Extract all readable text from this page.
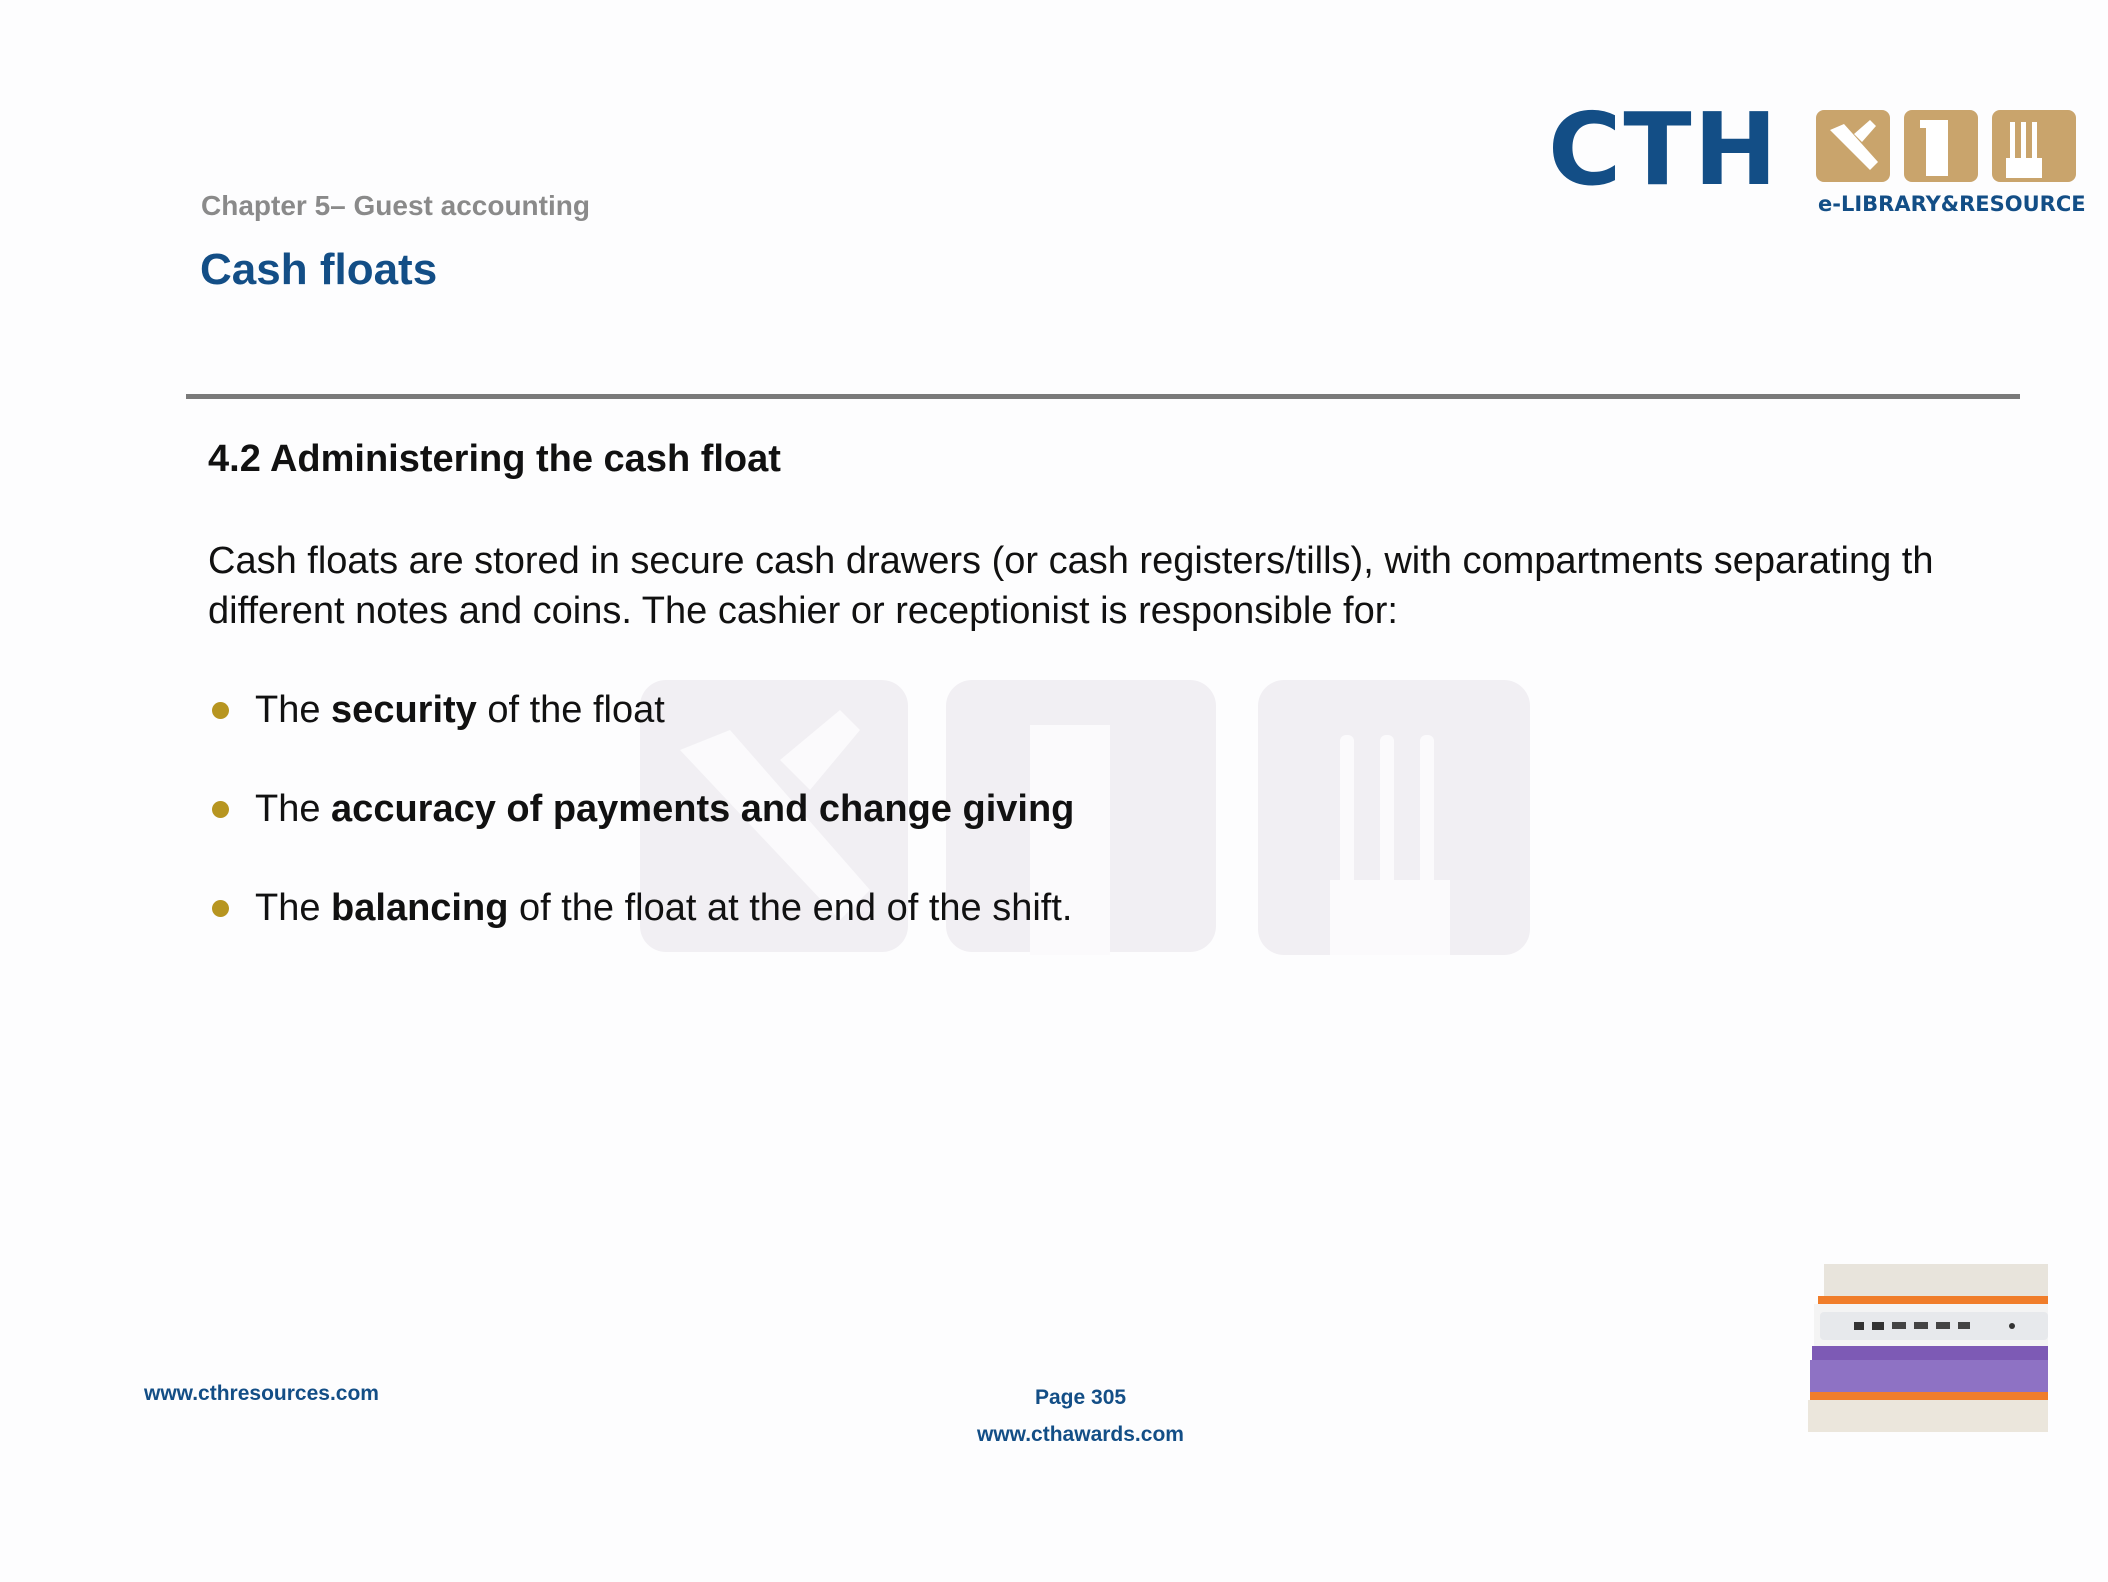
Chapter 5– Guest accounting
Cash floats
CTH e-LIBRARY&RESOURCE
4.2 Administering the cash float
Cash floats are stored in secure cash drawers (or cash registers/tills), with compartments separating th
different notes and coins. The cashier or receptionist is responsible for:
The security of the float
The accuracy of payments and change giving
The balancing of the float at the end of the shift.
www.cthresources.com	Page 305
www.cthawards.com
